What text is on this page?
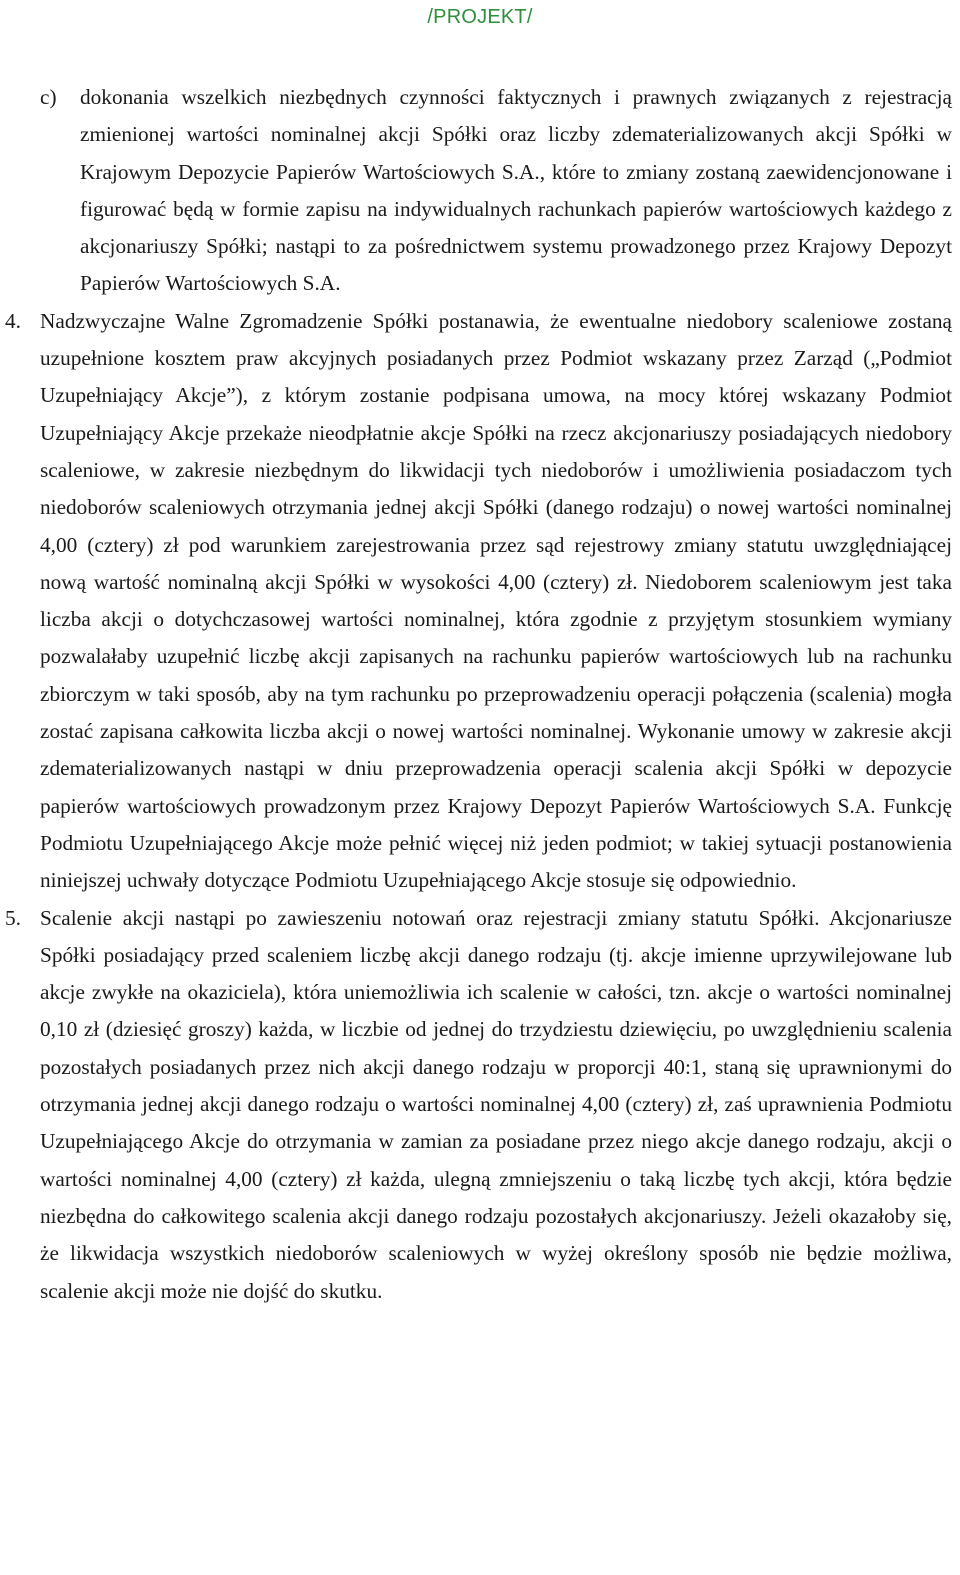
/PROJEKT/
c) dokonania wszelkich niezbędnych czynności faktycznych i prawnych związanych z rejestracją zmienionej wartości nominalnej akcji Spółki oraz liczby zdematerializowanych akcji Spółki w Krajowym Depozycie Papierów Wartościowych S.A., które to zmiany zostaną zaewidencjonowane i figurować będą w formie zapisu na indywidualnych rachunkach papierów wartościowych każdego z akcjonariuszy Spółki; nastąpi to za pośrednictwem systemu prowadzonego przez Krajowy Depozyt Papierów Wartościowych S.A.
4. Nadzwyczajne Walne Zgromadzenie Spółki postanawia, że ewentualne niedobory scaleniowe zostaną uzupełnione kosztem praw akcyjnych posiadanych przez Podmiot wskazany przez Zarząd („Podmiot Uzupełniający Akcje”), z którym zostanie podpisana umowa, na mocy której wskazany Podmiot Uzupełniający Akcje przekaże nieodpłatnie akcje Spółki na rzecz akcjonariuszy posiadających niedobory scaleniowe, w zakresie niezbędnym do likwidacji tych niedoborów i umożliwienia posiadaczom tych niedoborów scaleniowych otrzymania jednej akcji Spółki (danego rodzaju) o nowej wartości nominalnej 4,00 (cztery) zł pod warunkiem zarejestrowania przez sąd rejestrowy zmiany statutu uwzględniającej nową wartość nominalną akcji Spółki w wysokości 4,00 (cztery) zł. Niedoborem scaleniowym jest taka liczba akcji o dotychczasowej wartości nominalnej, która zgodnie z przyjętym stosunkiem wymiany pozwalałaby uzupełnić liczbę akcji zapisanych na rachunku papierów wartościowych lub na rachunku zbiorczym w taki sposób, aby na tym rachunku po przeprowadzeniu operacji połączenia (scalenia) mogła zostać zapisana całkowita liczba akcji o nowej wartości nominalnej. Wykonanie umowy w zakresie akcji zdematerializowanych nastąpi w dniu przeprowadzenia operacji scalenia akcji Spółki w depozycie papierów wartościowych prowadzonym przez Krajowy Depozyt Papierów Wartościowych S.A. Funkcję Podmiotu Uzupełniającego Akcje może pełnić więcej niż jeden podmiot; w takiej sytuacji postanowienia niniejszej uchwały dotyczące Podmiotu Uzupełniającego Akcje stosuje się odpowiednio.
5. Scalenie akcji nastąpi po zawieszeniu notowań oraz rejestracji zmiany statutu Spółki. Akcjonariusze Spółki posiadający przed scaleniem liczbę akcji danego rodzaju (tj. akcje imienne uprzywilejowane lub akcje zwykłe na okaziciela), która uniemożliwia ich scalenie w całości, tzn. akcje o wartości nominalnej 0,10 zł (dziesięć groszy) każda, w liczbie od jednej do trzydziestu dziewięciu, po uwzględnieniu scalenia pozostałych posiadanych przez nich akcji danego rodzaju w proporcji 40:1, staną się uprawnionymi do otrzymania jednej akcji danego rodzaju o wartości nominalnej 4,00 (cztery) zł, zaś uprawnienia Podmiotu Uzupełniającego Akcje do otrzymania w zamian za posiadane przez niego akcje danego rodzaju, akcji o wartości nominalnej 4,00 (cztery) zł każda, ulegną zmniejszeniu o taką liczbę tych akcji, która będzie niezbędna do całkowitego scalenia akcji danego rodzaju pozostałych akcjonariuszy. Jeżeli okazałoby się, że likwidacja wszystkich niedoborów scaleniowych w wyżej określony sposób nie będzie możliwa, scalenie akcji może nie dojść do skutku.
